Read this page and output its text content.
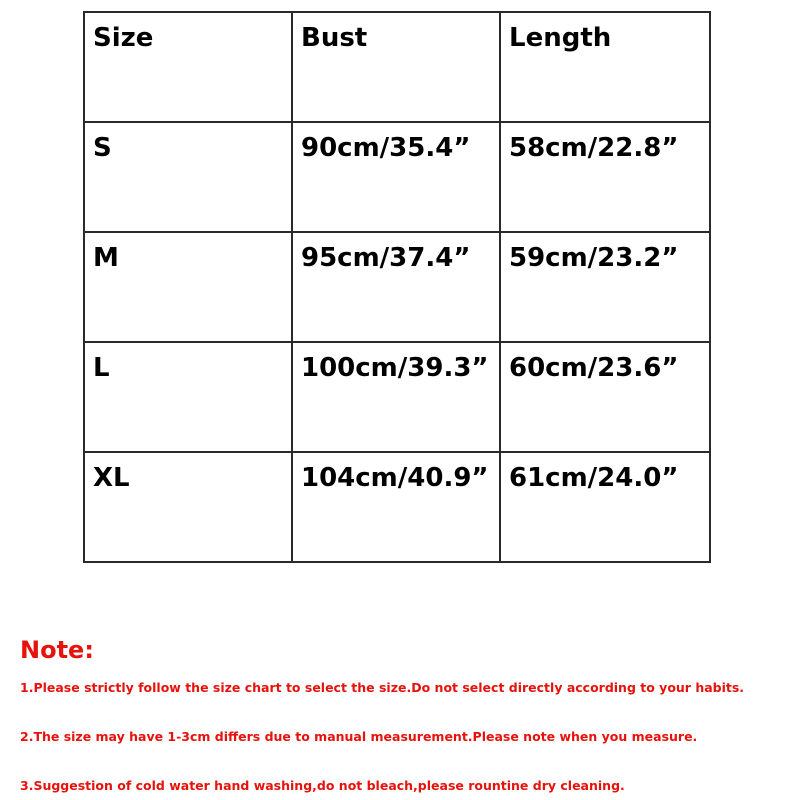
Size	Bust	Length
S	90cm/35.4”	58cm/22.8”
M	95cm/37.4”	59cm/23.2”
L	100cm/39.3”	60cm/23.6”
XL	104cm/40.9”	61cm/24.0”

Note:

1.Please strictly follow the size chart to select the size.Do not select directly according to your habits.

2.The size may have 1-3cm differs due to manual measurement.Please note when you measure.

3.Suggestion of cold water hand washing,do not bleach,please rountine dry cleaning.
